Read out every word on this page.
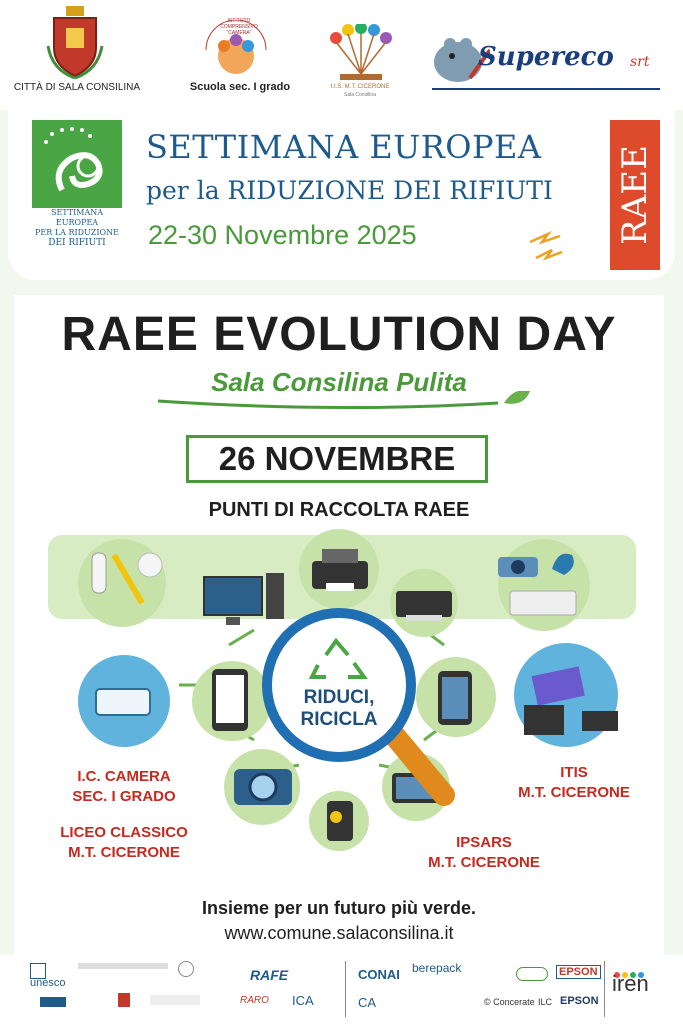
CITTÀ DI SALA CONSILINA
ISTITUTO COMPRENSIVO "CAMERA"
Scuola sec. I grado	I.I.S. M.T. CICERONE
Sala Consilina
Supereco srt
SETTIMANA EUROPEA
PER LA RIDUZIONE
DEI RIFIUTI
SETTIMANA EUROPEA
per la RIDUZIONE DEI RIFIUTI
22-30 Novembre 2025	RAEE
RAEE EVOLUTION DAY
Sala Consilina Pulita
26 NOVEMBRE
PUNTI DI RACCOLTA RAEE
RIDUCI,
RICICLA
I.C. CAMERA
SEC. I GRADO
LICEO CLASSICO
M.T. CICERONE
ITIS
M.T. CICERONE
IPSARS
M.T. CICERONE
Insieme per un futuro più verde.
www.comune.salaconsilina.it
unesco	RAFE
RARO ICA
CONAI berepack	EPSON
CA	© Concerate ILC EPSON
iren
